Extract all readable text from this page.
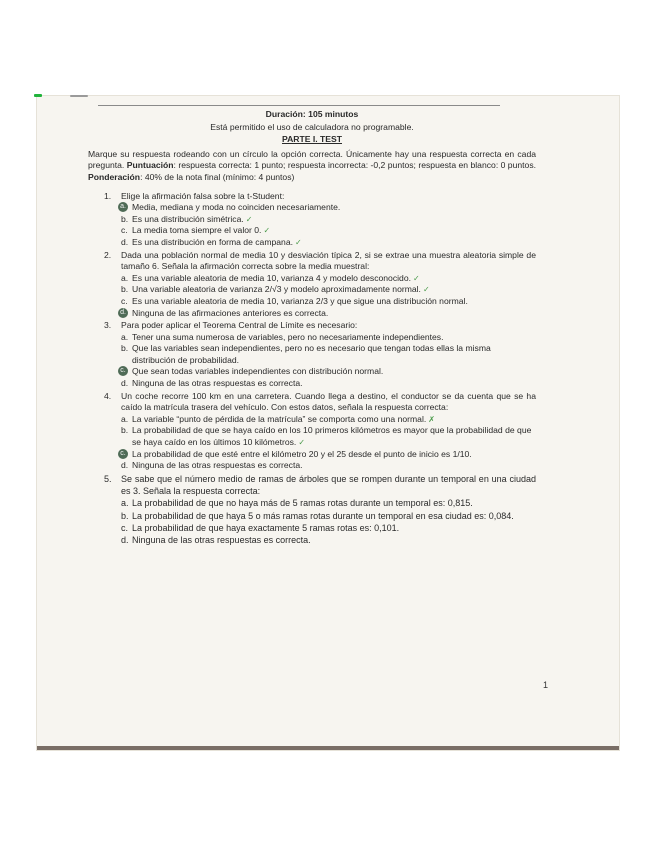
Duración: 105 minutos

Está permitido el uso de calculadora no programable.

PARTE I. TEST

Marque su respuesta rodeando con un círculo la opción correcta. Únicamente hay una respuesta correcta en cada pregunta. Puntuación: respuesta correcta: 1 punto; respuesta incorrecta: -0,2 puntos; respuesta en blanco: 0 puntos. Ponderación: 40% de la nota final (mínimo: 4 puntos)

1. Elige la afirmación falsa sobre la t-Student:
a. Media, mediana y moda no coinciden necesariamente.
b. Es una distribución simétrica. ✓
c. La media toma siempre el valor 0. ✓
d. Es una distribución en forma de campana. ✓
2. Dada una población normal de media 10 y desviación típica 2, si se extrae una muestra aleatoria simple de tamaño 6. Señala la afirmación correcta sobre la media muestral:
a. Es una variable aleatoria de media 10, varianza 4 y modelo desconocido. ✓
b. Una variable aleatoria de varianza 2/√3 y modelo aproximadamente normal. ✓
c. Es una variable aleatoria de media 10, varianza 2/3 y que sigue una distribución normal.
d. Ninguna de las afirmaciones anteriores es correcta.
3. Para poder aplicar el Teorema Central de Límite es necesario:
a. Tener una suma numerosa de variables, pero no necesariamente independientes.
b. Que las variables sean independientes, pero no es necesario que tengan todas ellas la misma distribución de probabilidad.
c. Que sean todas variables independientes con distribución normal.
d. Ninguna de las otras respuestas es correcta.
4. Un coche recorre 100 km en una carretera. Cuando llega a destino, el conductor se da cuenta que se ha caído la matrícula trasera del vehículo. Con estos datos, señala la respuesta correcta:
a. La variable “punto de pérdida de la matrícula” se comporta como una normal. ✗
b. La probabilidad de que se haya caído en los 10 primeros kilómetros es mayor que la probabilidad de que se haya caído en los últimos 10 kilómetros. ✓
c. La probabilidad de que esté entre el kilómetro 20 y el 25 desde el punto de inicio es 1/10.
d. Ninguna de las otras respuestas es correcta.
5. Se sabe que el número medio de ramas de árboles que se rompen durante un temporal en una ciudad es 3. Señala la respuesta correcta:
a. La probabilidad de que no haya más de 5 ramas rotas durante un temporal es: 0,815.
b. La probabilidad de que haya 5 o más ramas rotas durante un temporal en esa ciudad es: 0,084.
c. La probabilidad de que haya exactamente 5 ramas rotas es: 0,101.
d. Ninguna de las otras respuestas es correcta.
1
